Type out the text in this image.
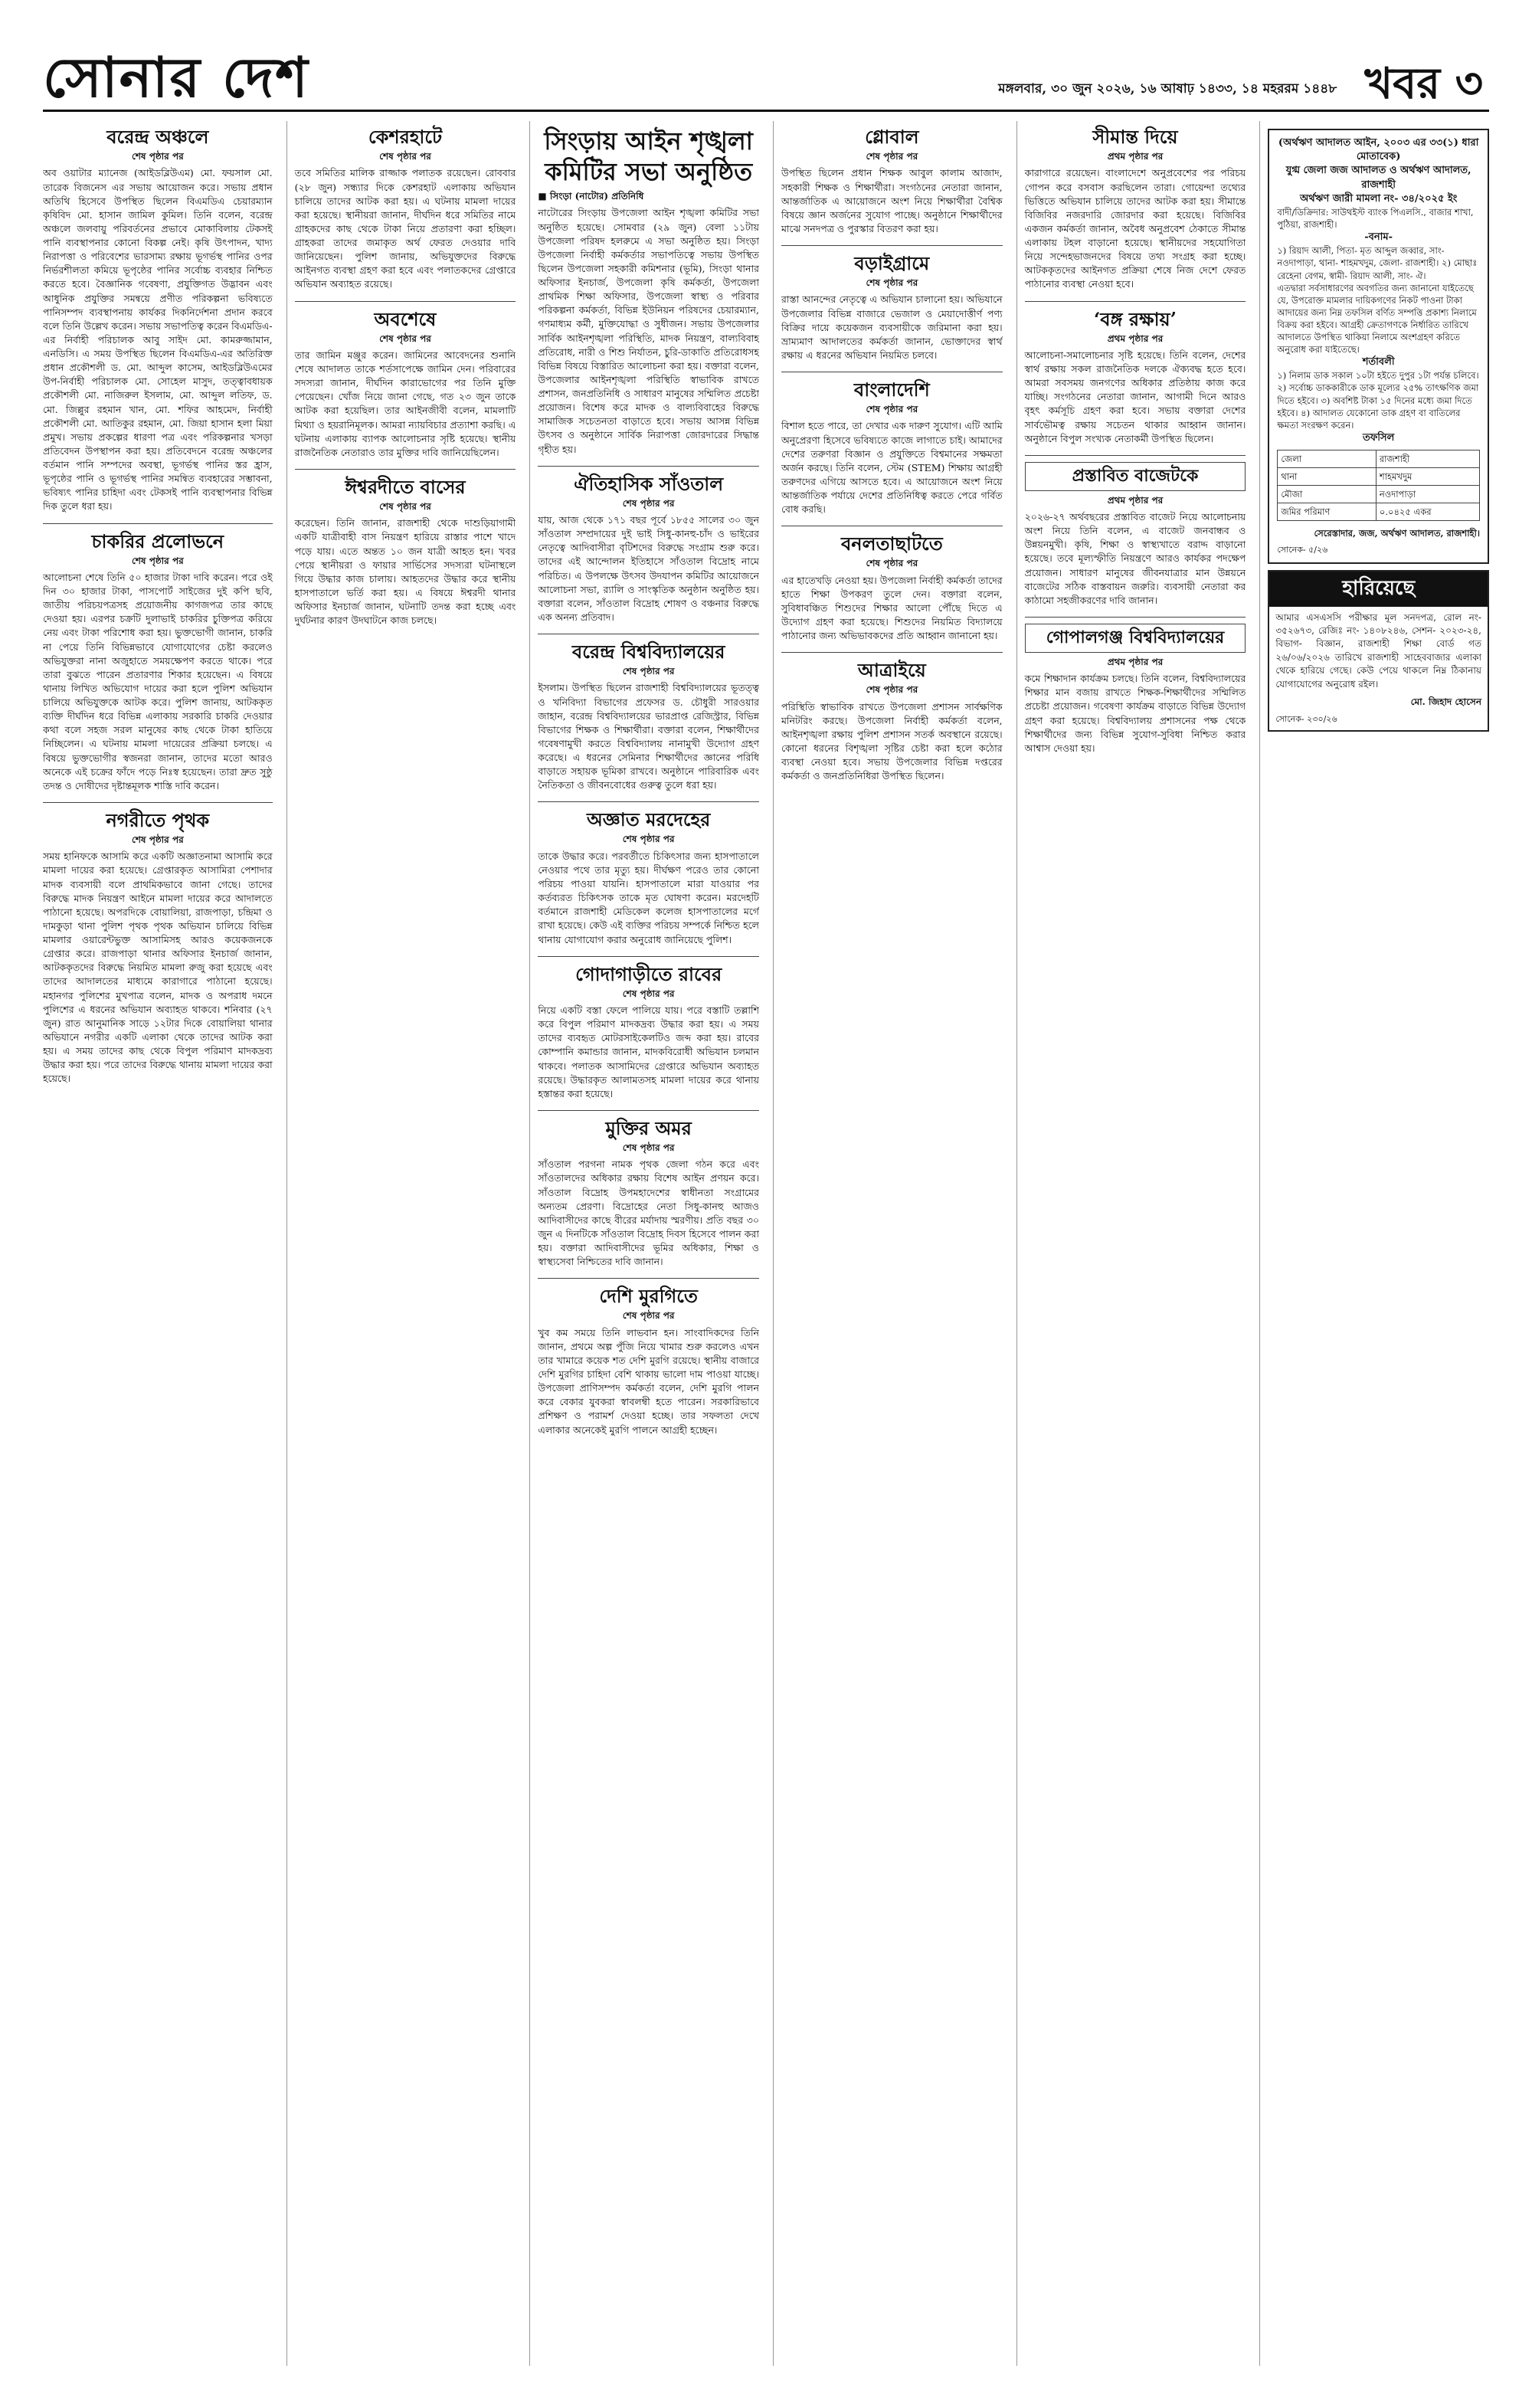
সোনার দেশ	মঙ্গলবার, ৩০ জুন ২০২৬, ১৬ আষাঢ় ১৪৩৩, ১৪ মহররম ১৪৪৮ খবর ৩
বরেন্দ্র অঞ্চলে
শেষ পৃষ্ঠার পর

অব ওয়াটার ম্যানেজ (আইডব্লিউএম) মো. ফয়সাল মো. তারেক বিজনেস এর সভায় আয়োজন করে। সভায় প্রধান অতিথি হিসেবে উপস্থিত ছিলেন বিএমডিএ চেয়ারম্যান কৃষিবিদ মো. হাসান জামিল কুমিল। তিনি বলেন, বরেন্দ্র অঞ্চলে জলবায়ু পরিবর্তনের প্রভাবে মোকাবিলায় টেকসই পানি ব্যবস্থাপনার কোনো বিকল্প নেই। কৃষি উৎপাদন, খাদ্য নিরাপত্তা ও পরিবেশের ভারসাম্য রক্ষায় ভূগর্ভস্থ পানির ওপর নির্ভরশীলতা কমিয়ে ভূপৃষ্ঠের পানির সর্বোচ্চ ব্যবহার নিশ্চিত করতে হবে। বৈজ্ঞানিক গবেষণা, প্রযুক্তিগত উদ্ভাবন এবং আধুনিক প্রযুক্তির সমন্বয়ে প্রণীত পরিকল্পনা ভবিষ্যতে পানিসম্পদ ব্যবস্থাপনায় কার্যকর দিকনির্দেশনা প্রদান করবে বলে তিনি উল্লেখ করেন। সভায় সভাপতিত্ব করেন বিএমডিএ-এর নির্বাহী পরিচালক আবু সাইদ মো. কামরুজ্জামান, এনডিসি। এ সময় উপস্থিত ছিলেন বিএমডিএ-এর অতিরিক্ত প্রধান প্রকৌশলী ড. মো. আব্দুল কাসেম, আইডব্লিউএমের উপ-নির্বাহী পরিচালক মো. সোহেল মাসুদ, তত্ত্বাবধায়ক প্রকৌশলী মো. নাজিরুল ইসলাম, মো. আব্দুল লতিফ, ড. মো. জিল্লুর রহমান খান, মো. শফির আহমেদ, নির্বাহী প্রকৌশলী মো. আতিকুর রহমান, মো. জিয়া হাসান হলা মিয়া প্রমুখ। সভায় প্রকল্পের ধারণা পত্র এবং পরিকল্পনার খসড়া প্রতিবেদন উপস্থাপন করা হয়। প্রতিবেদনে বরেন্দ্র অঞ্চলের বর্তমান পানি সম্পদের অবস্থা, ভূগর্ভস্থ পানির স্তর হ্রাস, ভূপৃষ্ঠের পানি ও ভূগর্ভস্থ পানির সমন্বিত ব্যবহারের সম্ভাবনা, ভবিষ্যৎ পানির চাহিদা এবং টেকসই পানি ব্যবস্থাপনার বিভিন্ন দিক তুলে ধরা হয়।

চাকরির প্রলোভনে
শেষ পৃষ্ঠার পর

আলোচনা শেষে তিনি ৫০ হাজার টাকা দাবি করেন। পরে ওই দিন ৩০ হাজার টাকা, পাসপোর্ট সাইজের দুই কপি ছবি, জাতীয় পরিচয়পত্রসহ প্রয়োজনীয় কাগজপত্র তার কাছে দেওয়া হয়। এরপর চক্রটি দুলাভাই চাকরির চুক্তিপত্র করিয়ে নেয় এবং টাকা পরিশোধ করা হয়। ভুক্তভোগী জানান, চাকরি না পেয়ে তিনি বিভিন্নভাবে যোগাযোগের চেষ্টা করলেও অভিযুক্তরা নানা অজুহাতে সময়ক্ষেপণ করতে থাকে। পরে তারা বুঝতে পারেন প্রতারণার শিকার হয়েছেন। এ বিষয়ে থানায় লিখিত অভিযোগ দায়ের করা হলে পুলিশ অভিযান চালিয়ে অভিযুক্তকে আটক করে। পুলিশ জানায়, আটককৃত ব্যক্তি দীর্ঘদিন ধরে বিভিন্ন এলাকায় সরকারি চাকরি দেওয়ার কথা বলে সহজ সরল মানুষের কাছ থেকে টাকা হাতিয়ে নিচ্ছিলেন। এ ঘটনায় মামলা দায়েরের প্রক্রিয়া চলছে। এ বিষয়ে ভুক্তভোগীর স্বজনরা জানান, তাদের মতো আরও অনেকে এই চক্রের ফাঁদে পড়ে নিঃস্ব হয়েছেন। তারা দ্রুত সুষ্ঠু তদন্ত ও দোষীদের দৃষ্টান্তমূলক শাস্তি দাবি করেন।

নগরীতে পৃথক
শেষ পৃষ্ঠার পর

সময় হানিফকে আসামি করে একটি অজ্ঞাতনামা আসামি করে মামলা দায়ের করা হয়েছে। গ্রেপ্তারকৃত আসামিরা পেশাদার মাদক ব্যবসায়ী বলে প্রাথমিকভাবে জানা গেছে। তাদের বিরুদ্ধে মাদক নিয়ন্ত্রণ আইনে মামলা দায়ের করে আদালতে পাঠানো হয়েছে। অপরদিকে বোয়ালিয়া, রাজপাড়া, চন্দ্রিমা ও দামকুড়া থানা পুলিশ পৃথক পৃথক অভিযান চালিয়ে বিভিন্ন মামলার ওয়ারেন্টভুক্ত আসামিসহ আরও কয়েকজনকে গ্রেপ্তার করে। রাজপাড়া থানার অফিসার ইনচার্জ জানান, আটককৃতদের বিরুদ্ধে নিয়মিত মামলা রুজু করা হয়েছে এবং তাদের আদালতের মাধ্যমে কারাগারে পাঠানো হয়েছে। মহানগর পুলিশের মুখপাত্র বলেন, মাদক ও অপরাধ দমনে পুলিশের এ ধরনের অভিযান অব্যাহত থাকবে। শনিবার (২৭ জুন) রাত আনুমানিক সাড়ে ১২টার দিকে বোয়ালিয়া থানার অভিযানে নগরীর একটি এলাকা থেকে তাদের আটক করা হয়। এ সময় তাদের কাছ থেকে বিপুল পরিমাণ মাদকদ্রব্য উদ্ধার করা হয়। পরে তাদের বিরুদ্ধে থানায় মামলা দায়ের করা হয়েছে।

কেশরহাটে
শেষ পৃষ্ঠার পর

তবে সমিতির মালিক রাজ্জাক পলাতক রয়েছেন। রোববার (২৮ জুন) সন্ধ্যার দিকে কেশরহাট এলাকায় অভিযান চালিয়ে তাদের আটক করা হয়। এ ঘটনায় মামলা দায়ের করা হয়েছে। স্থানীয়রা জানান, দীর্ঘদিন ধরে সমিতির নামে গ্রাহকদের কাছ থেকে টাকা নিয়ে প্রতারণা করা হচ্ছিল। গ্রাহকরা তাদের জমাকৃত অর্থ ফেরত দেওয়ার দাবি জানিয়েছেন। পুলিশ জানায়, অভিযুক্তদের বিরুদ্ধে আইনগত ব্যবস্থা গ্রহণ করা হবে এবং পলাতকদের গ্রেপ্তারে অভিযান অব্যাহত রয়েছে।

অবশেষে
শেষ পৃষ্ঠার পর

তার জামিন মঞ্জুর করেন। জামিনের আবেদনের শুনানি শেষে আদালত তাকে শর্তসাপেক্ষে জামিন দেন। পরিবারের সদস্যরা জানান, দীর্ঘদিন কারাভোগের পর তিনি মুক্তি পেয়েছেন। খোঁজ নিয়ে জানা গেছে, গত ২৩ জুন তাকে আটক করা হয়েছিল। তার আইনজীবী বলেন, মামলাটি মিথ্যা ও হয়রানিমূলক। আমরা ন্যায়বিচার প্রত্যাশা করছি। এ ঘটনায় এলাকায় ব্যাপক আলোচনার সৃষ্টি হয়েছে। স্থানীয় রাজনৈতিক নেতারাও তার মুক্তির দাবি জানিয়েছিলেন।

ঈশ্বরদীতে বাসের
শেষ পৃষ্ঠার পর

করেছেন। তিনি জানান, রাজশাহী থেকে দাশুড়িয়াগামী একটি যাত্রীবাহী বাস নিয়ন্ত্রণ হারিয়ে রাস্তার পাশে খাদে পড়ে যায়। এতে অন্তত ১০ জন যাত্রী আহত হন। খবর পেয়ে স্থানীয়রা ও ফায়ার সার্ভিসের সদস্যরা ঘটনাস্থলে গিয়ে উদ্ধার কাজ চালায়। আহতদের উদ্ধার করে স্থানীয় হাসপাতালে ভর্তি করা হয়। এ বিষয়ে ঈশ্বরদী থানার অফিসার ইনচার্জ জানান, ঘটনাটি তদন্ত করা হচ্ছে এবং দুর্ঘটনার কারণ উদঘাটনে কাজ চলছে।

সিংড়ায় আইন শৃঙ্খলা কমিটির সভা অনুষ্ঠিত
■ সিংড়া (নাটোর) প্রতিনিধি

নাটোরের সিংড়ায় উপজেলা আইন শৃঙ্খলা কমিটির সভা অনুষ্ঠিত হয়েছে। সোমবার (২৯ জুন) বেলা ১১টায় উপজেলা পরিষদ হলরুমে এ সভা অনুষ্ঠিত হয়। সিংড়া উপজেলা নির্বাহী কর্মকর্তার সভাপতিত্বে সভায় উপস্থিত ছিলেন উপজেলা সহকারী কমিশনার (ভূমি), সিংড়া থানার অফিসার ইনচার্জ, উপজেলা কৃষি কর্মকর্তা, উপজেলা প্রাথমিক শিক্ষা অফিসার, উপজেলা স্বাস্থ্য ও পরিবার পরিকল্পনা কর্মকর্তা, বিভিন্ন ইউনিয়ন পরিষদের চেয়ারম্যান, গণমাধ্যম কর্মী, মুক্তিযোদ্ধা ও সুধীজন। সভায় উপজেলার সার্বিক আইনশৃঙ্খলা পরিস্থিতি, মাদক নিয়ন্ত্রণ, বাল্যবিবাহ প্রতিরোধ, নারী ও শিশু নির্যাতন, চুরি-ডাকাতি প্রতিরোধসহ বিভিন্ন বিষয়ে বিস্তারিত আলোচনা করা হয়। বক্তারা বলেন, উপজেলার আইনশৃঙ্খলা পরিস্থিতি স্বাভাবিক রাখতে প্রশাসন, জনপ্রতিনিধি ও সাধারণ মানুষের সম্মিলিত প্রচেষ্টা প্রয়োজন। বিশেষ করে মাদক ও বাল্যবিবাহের বিরুদ্ধে সামাজিক সচেতনতা বাড়াতে হবে। সভায় আসন্ন বিভিন্ন উৎসব ও অনুষ্ঠানে সার্বিক নিরাপত্তা জোরদারের সিদ্ধান্ত গৃহীত হয়।

ঐতিহাসিক সাঁওতাল
শেষ পৃষ্ঠার পর

যায়, আজ থেকে ১৭১ বছর পূর্বে ১৮৫৫ সালের ৩০ জুন সাঁওতাল সম্প্রদায়ের দুই ভাই সিধু-কানহু-চাঁদ ও ভাইরের নেতৃত্বে আদিবাসীরা বৃটিশদের বিরুদ্ধে সংগ্রাম শুরু করে। তাদের এই আন্দোলন ইতিহাসে সাঁওতাল বিদ্রোহ নামে পরিচিত। এ উপলক্ষে উৎসব উদযাপন কমিটির আয়োজনে আলোচনা সভা, র‍্যালি ও সাংস্কৃতিক অনুষ্ঠান অনুষ্ঠিত হয়। বক্তারা বলেন, সাঁওতাল বিদ্রোহ শোষণ ও বঞ্চনার বিরুদ্ধে এক অনন্য প্রতিবাদ।

বরেন্দ্র বিশ্ববিদ্যালয়ের
শেষ পৃষ্ঠার পর

ইসলাম। উপস্থিত ছিলেন রাজশাহী বিশ্ববিদ্যালয়ের ভূতত্ত্ব ও খনিবিদ্যা বিভাগের প্রফেসর ড. চৌধুরী সারওয়ার জাহান, বরেন্দ্র বিশ্ববিদ্যালয়ের ভারপ্রাপ্ত রেজিস্ট্রার, বিভিন্ন বিভাগের শিক্ষক ও শিক্ষার্থীরা। বক্তারা বলেন, শিক্ষার্থীদের গবেষণামুখী করতে বিশ্ববিদ্যালয় নানামুখী উদ্যোগ গ্রহণ করেছে। এ ধরনের সেমিনার শিক্ষার্থীদের জ্ঞানের পরিধি বাড়াতে সহায়ক ভূমিকা রাখবে। অনুষ্ঠানে পারিবারিক এবং নৈতিকতা ও জীবনবোধের গুরুত্ব তুলে ধরা হয়।

অজ্ঞাত মরদেহের
শেষ পৃষ্ঠার পর

তাকে উদ্ধার করে। পরবর্তীতে চিকিৎসার জন্য হাসপাতালে নেওয়ার পথে তার মৃত্যু হয়। দীর্ঘক্ষণ পরেও তার কোনো পরিচয় পাওয়া যায়নি। হাসপাতালে মারা যাওয়ার পর কর্তব্যরত চিকিৎসক তাকে মৃত ঘোষণা করেন। মরদেহটি বর্তমানে রাজশাহী মেডিকেল কলেজ হাসপাতালের মর্গে রাখা হয়েছে। কেউ এই ব্যক্তির পরিচয় সম্পর্কে নিশ্চিত হলে থানায় যোগাযোগ করার অনুরোধ জানিয়েছে পুলিশ।

গোদাগাড়ীতে রাবের
শেষ পৃষ্ঠার পর

নিয়ে একটি বস্তা ফেলে পালিয়ে যায়। পরে বস্তাটি তল্লাশি করে বিপুল পরিমাণ মাদকদ্রব্য উদ্ধার করা হয়। এ সময় তাদের ব্যবহৃত মোটরসাইকেলটিও জব্দ করা হয়। রাবের কোম্পানি কমান্ডার জানান, মাদকবিরোধী অভিযান চলমান থাকবে। পলাতক আসামিদের গ্রেপ্তারে অভিযান অব্যাহত রয়েছে। উদ্ধারকৃত আলামতসহ মামলা দায়ের করে থানায় হস্তান্তর করা হয়েছে।

মুক্তির অমর
শেষ পৃষ্ঠার পর

সাঁওতাল পরগনা নামক পৃথক জেলা গঠন করে এবং সাঁওতালদের অধিকার রক্ষায় বিশেষ আইন প্রণয়ন করে। সাঁওতাল বিদ্রোহ উপমহাদেশের স্বাধীনতা সংগ্রামের অন্যতম প্রেরণা। বিদ্রোহের নেতা সিধু-কানহু আজও আদিবাসীদের কাছে বীরের মর্যাদায় স্মরণীয়। প্রতি বছর ৩০ জুন এ দিনটিকে সাঁওতাল বিদ্রোহ দিবস হিসেবে পালন করা হয়। বক্তারা আদিবাসীদের ভূমির অধিকার, শিক্ষা ও স্বাস্থ্যসেবা নিশ্চিতের দাবি জানান।

দেশি মুরগিতে
শেষ পৃষ্ঠার পর

খুব কম সময়ে তিনি লাভবান হন। সাংবাদিকদের তিনি জানান, প্রথমে অল্প পুঁজি নিয়ে খামার শুরু করলেও এখন তার খামারে কয়েক শত দেশি মুরগি রয়েছে। স্থানীয় বাজারে দেশি মুরগির চাহিদা বেশি থাকায় ভালো দাম পাওয়া যাচ্ছে। উপজেলা প্রাণিসম্পদ কর্মকর্তা বলেন, দেশি মুরগি পালন করে বেকার যুবকরা স্বাবলম্বী হতে পারেন। সরকারিভাবে প্রশিক্ষণ ও পরামর্শ দেওয়া হচ্ছে। তার সফলতা দেখে এলাকার অনেকেই মুরগি পালনে আগ্রহী হচ্ছেন।

গ্লোবাল
শেষ পৃষ্ঠার পর

উপস্থিত ছিলেন প্রধান শিক্ষক আবুল কালাম আজাদ, সহকারী শিক্ষক ও শিক্ষার্থীরা। সংগঠনের নেতারা জানান, আন্তর্জাতিক এ আয়োজনে অংশ নিয়ে শিক্ষার্থীরা বৈশ্বিক বিষয়ে জ্ঞান অর্জনের সুযোগ পাচ্ছে। অনুষ্ঠানে শিক্ষার্থীদের মাঝে সনদপত্র ও পুরস্কার বিতরণ করা হয়।

বড়াইগ্রামে
শেষ পৃষ্ঠার পর

রাস্তা আনন্দের নেতৃত্বে এ অভিযান চালানো হয়। অভিযানে উপজেলার বিভিন্ন বাজারে ভেজাল ও মেয়াদোত্তীর্ণ পণ্য বিক্রির দায়ে কয়েকজন ব্যবসায়ীকে জরিমানা করা হয়। ভ্রাম্যমাণ আদালতের কর্মকর্তা জানান, ভোক্তাদের স্বার্থ রক্ষায় এ ধরনের অভিযান নিয়মিত চলবে।

বাংলাদেশি
শেষ পৃষ্ঠার পর

বিশাল হতে পারে, তা দেখার এক দারুণ সুযোগ। এটি আমি অনুপ্রেরণা হিসেবে ভবিষ্যতে কাজে লাগাতে চাই। আমাদের দেশের তরুণরা বিজ্ঞান ও প্রযুক্তিতে বিশ্বমানের সক্ষমতা অর্জন করছে। তিনি বলেন, স্টেম (STEM) শিক্ষায় আগ্রহী তরুণদের এগিয়ে আসতে হবে। এ আয়োজনে অংশ নিয়ে আন্তর্জাতিক পর্যায়ে দেশের প্রতিনিধিত্ব করতে পেরে গর্বিত বোধ করছি।

বনলতাছাটতে
শেষ পৃষ্ঠার পর

এর হাতেখড়ি নেওয়া হয়। উপজেলা নির্বাহী কর্মকর্তা তাদের হাতে শিক্ষা উপকরণ তুলে দেন। বক্তারা বলেন, সুবিধাবঞ্চিত শিশুদের শিক্ষার আলো পৌঁছে দিতে এ উদ্যোগ গ্রহণ করা হয়েছে। শিশুদের নিয়মিত বিদ্যালয়ে পাঠানোর জন্য অভিভাবকদের প্রতি আহ্বান জানানো হয়।

আত্রাইয়ে
শেষ পৃষ্ঠার পর

পরিস্থিতি স্বাভাবিক রাখতে উপজেলা প্রশাসন সার্বক্ষণিক মনিটরিং করছে। উপজেলা নির্বাহী কর্মকর্তা বলেন, আইনশৃঙ্খলা রক্ষায় পুলিশ প্রশাসন সতর্ক অবস্থানে রয়েছে। কোনো ধরনের বিশৃঙ্খলা সৃষ্টির চেষ্টা করা হলে কঠোর ব্যবস্থা নেওয়া হবে। সভায় উপজেলার বিভিন্ন দপ্তরের কর্মকর্তা ও জনপ্রতিনিধিরা উপস্থিত ছিলেন।

সীমান্ত দিয়ে
প্রথম পৃষ্ঠার পর

কারাগারে রয়েছেন। বাংলাদেশে অনুপ্রবেশের পর পরিচয় গোপন করে বসবাস করছিলেন তারা। গোয়েন্দা তথ্যের ভিত্তিতে অভিযান চালিয়ে তাদের আটক করা হয়। সীমান্তে বিজিবির নজরদারি জোরদার করা হয়েছে। বিজিবির একজন কর্মকর্তা জানান, অবৈধ অনুপ্রবেশ ঠেকাতে সীমান্ত এলাকায় টহল বাড়ানো হয়েছে। স্থানীয়দের সহযোগিতা নিয়ে সন্দেহভাজনদের বিষয়ে তথ্য সংগ্রহ করা হচ্ছে। আটককৃতদের আইনগত প্রক্রিয়া শেষে নিজ দেশে ফেরত পাঠানোর ব্যবস্থা নেওয়া হবে।

‘বঙ্গ রক্ষায়’
প্রথম পৃষ্ঠার পর

আলোচনা-সমালোচনার সৃষ্টি হয়েছে। তিনি বলেন, দেশের স্বার্থ রক্ষায় সকল রাজনৈতিক দলকে ঐক্যবদ্ধ হতে হবে। আমরা সবসময় জনগণের অধিকার প্রতিষ্ঠায় কাজ করে যাচ্ছি। সংগঠনের নেতারা জানান, আগামী দিনে আরও বৃহৎ কর্মসূচি গ্রহণ করা হবে। সভায় বক্তারা দেশের সার্বভৌমত্ব রক্ষায় সচেতন থাকার আহ্বান জানান। অনুষ্ঠানে বিপুল সংখ্যক নেতাকর্মী উপস্থিত ছিলেন।

প্রস্তাবিত বাজেটকে
প্রথম পৃষ্ঠার পর

২০২৬-২৭ অর্থবছরের প্রস্তাবিত বাজেট নিয়ে আলোচনায় অংশ নিয়ে তিনি বলেন, এ বাজেট জনবান্ধব ও উন্নয়নমুখী। কৃষি, শিক্ষা ও স্বাস্থ্যখাতে বরাদ্দ বাড়ানো হয়েছে। তবে মূল্যস্ফীতি নিয়ন্ত্রণে আরও কার্যকর পদক্ষেপ প্রয়োজন। সাধারণ মানুষের জীবনযাত্রার মান উন্নয়নে বাজেটের সঠিক বাস্তবায়ন জরুরি। ব্যবসায়ী নেতারা কর কাঠামো সহজীকরণের দাবি জানান।

গোপালগঞ্জ বিশ্ববিদ্যালয়ের
প্রথম পৃষ্ঠার পর

কমে শিক্ষাদান কার্যক্রম চলছে। তিনি বলেন, বিশ্ববিদ্যালয়ের শিক্ষার মান বজায় রাখতে শিক্ষক-শিক্ষার্থীদের সম্মিলিত প্রচেষ্টা প্রয়োজন। গবেষণা কার্যক্রম বাড়াতে বিভিন্ন উদ্যোগ গ্রহণ করা হয়েছে। বিশ্ববিদ্যালয় প্রশাসনের পক্ষ থেকে শিক্ষার্থীদের জন্য বিভিন্ন সুযোগ-সুবিধা নিশ্চিত করার আশ্বাস দেওয়া হয়।

(অর্থঋণ আদালত আইন, ২০০৩ এর ৩৩(১) ধারা মোতাবেক)
যুগ্ম জেলা জজ আদালত ও অর্থঋণ আদালত, রাজশাহী
অর্থঋণ জারী মামলা নং- ৩৪/২০২৫ ইং

বাদী/ডিক্রিদার: সাউথইস্ট ব্যাংক পিএলসি., বাজার শাখা, পুঠিয়া, রাজশাহী।

-বনাম-

১) রিয়াদ আলী, পিতা- মৃত আব্দুল জব্বার, সাং- নওদাপাড়া, থানা- শাহমখদুম, জেলা- রাজশাহী। ২) মোছাঃ রেহেনা বেগম, স্বামী- রিয়াদ আলী, সাং- ঐ।

এতদ্বারা সর্বসাধারণের অবগতির জন্য জানানো যাইতেছে যে, উপরোক্ত মামলার দায়িকগণের নিকট পাওনা টাকা আদায়ের জন্য নিম্ন তফসিল বর্ণিত সম্পত্তি প্রকাশ্য নিলামে বিক্রয় করা হইবে। আগ্রহী ক্রেতাগণকে নির্ধারিত তারিখে আদালতে উপস্থিত থাকিয়া নিলামে অংশগ্রহণ করিতে অনুরোধ করা যাইতেছে।

শর্তাবলী

১) নিলাম ডাক সকাল ১০টা হইতে দুপুর ১টা পর্যন্ত চলিবে। ২) সর্বোচ্চ ডাককারীকে ডাক মূল্যের ২৫% তাৎক্ষণিক জমা দিতে হইবে। ৩) অবশিষ্ট টাকা ১৫ দিনের মধ্যে জমা দিতে হইবে। ৪) আদালত যেকোনো ডাক গ্রহণ বা বাতিলের ক্ষমতা সংরক্ষণ করেন।

তফসিল
জেলা	রাজশাহী
থানা	শাহমখদুম
মৌজা	নওদাপাড়া
জমির পরিমাণ	০.০৪২৫ একর
সেরেস্তাদার, জজ, অর্থঋণ আদালত, রাজশাহী।
সোনেক- ৫/২৬
হারিয়েছে
আমার এসএসসি পরীক্ষার মূল সনদপত্র, রোল নং- ৩৫২৬৭৩, রেজিঃ নং- ১৪০৮২৪৬, সেশন- ২০২৩-২৪, বিভাগ- বিজ্ঞান, রাজশাহী শিক্ষা বোর্ড গত ২৬/০৬/২০২৬ তারিখে রাজশাহী সাহেববাজার এলাকা থেকে হারিয়ে গেছে। কেউ পেয়ে থাকলে নিম্ন ঠিকানায় যোগাযোগের অনুরোধ রইল।
মো. জিহাদ হোসেন
সোনেক- ২৩০/২৬
